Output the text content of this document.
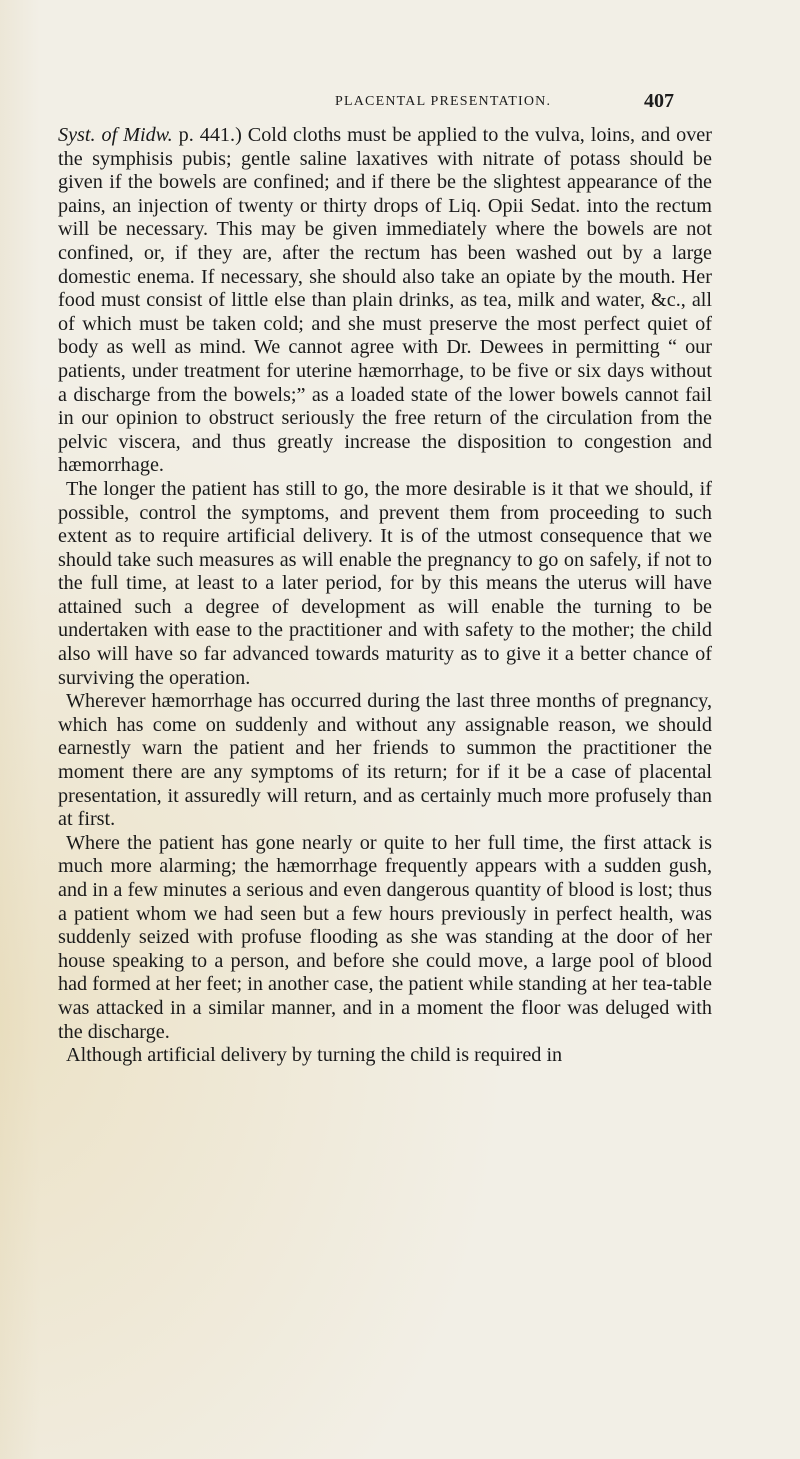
PLACENTAL PRESENTATION.	407

Syst. of Midw. p. 441.) Cold cloths must be applied to the vulva, loins, and over the symphisis pubis; gentle saline laxatives with nitrate of potass should be given if the bowels are confined; and if there be the slightest appearance of the pains, an injection of twenty or thirty drops of Liq. Opii Sedat. into the rectum will be necessary. This may be given immediately where the bowels are not confined, or, if they are, after the rectum has been washed out by a large domestic enema. If necessary, she should also take an opiate by the mouth. Her food must consist of little else than plain drinks, as tea, milk and water, &c., all of which must be taken cold; and she must preserve the most perfect quiet of body as well as mind. We cannot agree with Dr. Dewees in permitting “ our patients, under treatment for uterine hæmorrhage, to be five or six days without a discharge from the bowels;” as a loaded state of the lower bowels cannot fail in our opinion to obstruct seriously the free return of the circulation from the pelvic viscera, and thus greatly increase the disposition to congestion and hæmorrhage.

The longer the patient has still to go, the more desirable is it that we should, if possible, control the symptoms, and prevent them from proceeding to such extent as to require artificial delivery. It is of the utmost consequence that we should take such measures as will enable the pregnancy to go on safely, if not to the full time, at least to a later period, for by this means the uterus will have attained such a degree of development as will enable the turning to be undertaken with ease to the practitioner and with safety to the mother; the child also will have so far advanced towards maturity as to give it a better chance of surviving the operation.

Wherever hæmorrhage has occurred during the last three months of pregnancy, which has come on suddenly and without any assignable reason, we should earnestly warn the patient and her friends to summon the practitioner the moment there are any symptoms of its return; for if it be a case of placental presentation, it assuredly will return, and as certainly much more profusely than at first.

Where the patient has gone nearly or quite to her full time, the first attack is much more alarming; the hæmorrhage frequently appears with a sudden gush, and in a few minutes a serious and even dangerous quantity of blood is lost; thus a patient whom we had seen but a few hours previously in perfect health, was suddenly seized with profuse flooding as she was standing at the door of her house speaking to a person, and before she could move, a large pool of blood had formed at her feet; in another case, the patient while standing at her tea-table was attacked in a similar manner, and in a moment the floor was deluged with the discharge.

Although artificial delivery by turning the child is required in
